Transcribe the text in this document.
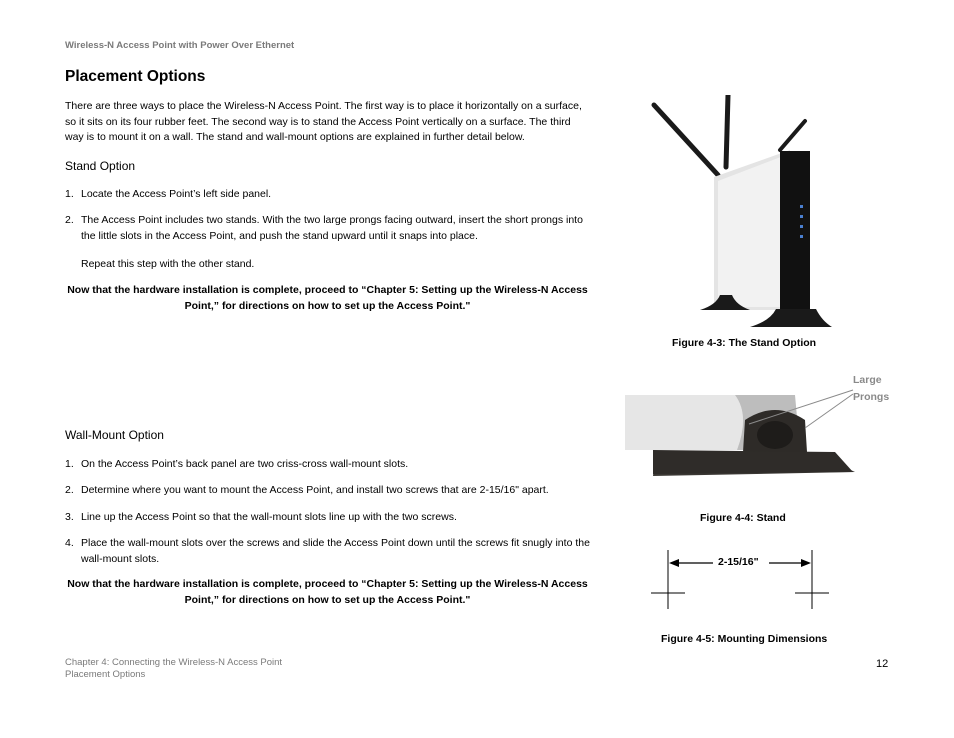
Wireless-N Access Point with Power Over Ethernet
Placement Options
There are three ways to place the Wireless-N Access Point. The first way is to place it horizontally on a surface, so it sits on its four rubber feet. The second way is to stand the Access Point vertically on a surface. The third way is to mount it on a wall. The stand and wall-mount options are explained in further detail below.
Stand Option
1. Locate the Access Point’s left side panel.
2. The Access Point includes two stands. With the two large prongs facing outward, insert the short prongs into the little slots in the Access Point, and push the stand upward until it snaps into place.
Repeat this step with the other stand.
Now that the hardware installation is complete, proceed to “Chapter 5: Setting up the Wireless-N Access Point,” for directions on how to set up the Access Point."
Wall-Mount Option
1. On the Access Point’s back panel are two criss-cross wall-mount slots.
2. Determine where you want to mount the Access Point, and install two screws that are 2-15/16" apart.
3. Line up the Access Point so that the wall-mount slots line up with the two screws.
4. Place the wall-mount slots over the screws and slide the Access Point down until the screws fit snugly into the wall-mount slots.
Now that the hardware installation is complete, proceed to “Chapter 5: Setting up the Wireless-N Access Point,” for directions on how to set up the Access Point."
Figure 4-3: The Stand Option
Large
Prongs
Figure 4-4: Stand
2-15/16"
Figure 4-5: Mounting Dimensions
Chapter 4: Connecting the Wireless-N Access Point
Placement Options
12
